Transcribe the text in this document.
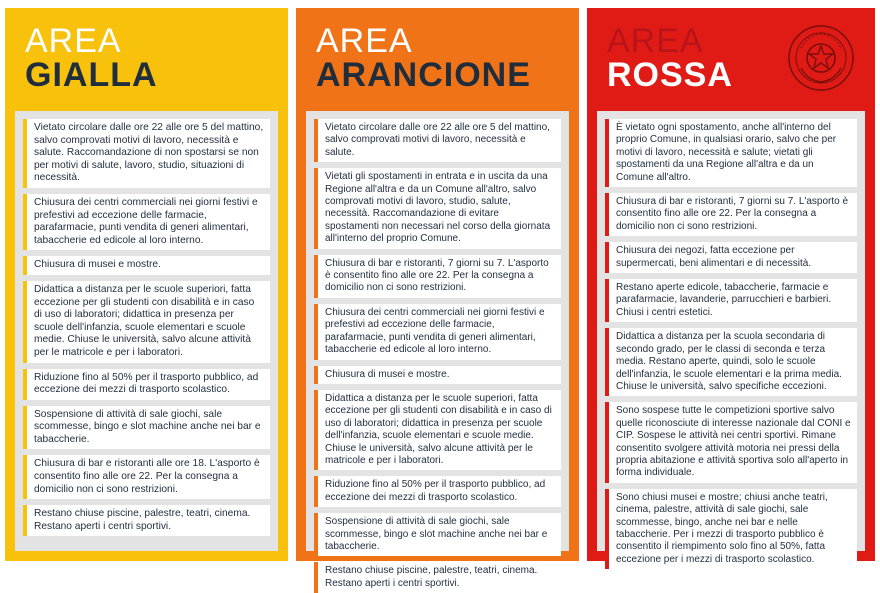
AREA
GIALLA
Vietato circolare dalle ore 22 alle ore 5 del mattino, salvo comprovati motivi di lavoro, necessità e salute. Raccomandazione di non spostarsi se non per motivi di salute, lavoro, studio, situazioni di necessità.
Chiusura dei centri commerciali nei giorni festivi e prefestivi ad eccezione delle farmacie, parafarmacie, punti vendita di generi alimentari, tabaccherie ed edicole al loro interno.
Chiusura di musei e mostre.
Didattica a distanza per le scuole superiori, fatta eccezione per gli studenti con disabilità e in caso di uso di laboratori; didattica in presenza per scuole dell'infanzia, scuole elementari e scuole medie. Chiuse le università, salvo alcune attività per le matricole e per i laboratori.
Riduzione fino al 50% per il trasporto pubblico, ad eccezione dei mezzi di trasporto scolastico.
Sospensione di attività di sale giochi, sale scommesse, bingo e slot machine anche nei bar e tabaccherie.
Chiusura di bar e ristoranti alle ore 18. L'asporto è consentito fino alle ore 22. Per la consegna a domicilio non ci sono restrizioni.
Restano chiuse piscine, palestre, teatri, cinema. Restano aperti i centri sportivi.
AREA
ARANCIONE
Vietato circolare dalle ore 22 alle ore 5 del mattino, salvo comprovati motivi di lavoro, necessità e salute.
Vietati gli spostamenti in entrata e in uscita da una Regione all'altra e da un Comune all'altro, salvo comprovati motivi di lavoro, studio, salute, necessità. Raccomandazione di evitare spostamenti non necessari nel corso della giornata all'interno del proprio Comune.
Chiusura di bar e ristoranti, 7 giorni su 7. L'asporto è consentito fino alle ore 22. Per la consegna a domicilio non ci sono restrizioni.
Chiusura dei centri commerciali nei giorni festivi e prefestivi ad eccezione delle farmacie, parafarmacie, punti vendita di generi alimentari, tabaccherie ed edicole al loro interno.
Chiusura di musei e mostre.
Didattica a distanza per le scuole superiori, fatta eccezione per gli studenti con disabilità e in caso di uso di laboratori; didattica in presenza per scuole dell'infanzia, scuole elementari e scuole medie. Chiuse le università, salvo alcune attività per le matricole e per i laboratori.
Riduzione fino al 50% per il trasporto pubblico, ad eccezione dei mezzi di trasporto scolastico.
Sospensione di attività di sale giochi, sale scommesse, bingo e slot machine anche nei bar e tabaccherie.
Restano chiuse piscine, palestre, teatri, cinema. Restano aperti i centri sportivi.
AREA
ROSSA
È vietato ogni spostamento, anche all'interno del proprio Comune, in qualsiasi orario, salvo che per motivi di lavoro, necessità e salute; vietati gli spostamenti da una Regione all'altra e da un Comune all'altro.
Chiusura di bar e ristoranti, 7 giorni su 7. L'asporto è consentito fino alle ore 22. Per la consegna a domicilio non ci sono restrizioni.
Chiusura dei negozi, fatta eccezione per supermercati, beni alimentari e di necessità.
Restano aperte edicole, tabaccherie, farmacie e parafarmacie, lavanderie, parrucchieri e barbieri. Chiusi i centri estetici.
Didattica a distanza per la scuola secondaria di secondo grado, per le classi di seconda e terza media. Restano aperte, quindi, solo le scuole dell'infanzia, le scuole elementari e la prima media. Chiuse le università, salvo specifiche eccezioni.
Sono sospese tutte le competizioni sportive salvo quelle riconosciute di interesse nazionale dal CONI e CIP. Sospese le attività nei centri sportivi. Rimane consentito svolgere attività motoria nei pressi della propria abitazione e attività sportiva solo all'aperto in forma individuale.
Sono chiusi musei e mostre; chiusi anche teatri, cinema, palestre, attività di sale giochi, sale scommesse, bingo, anche nei bar e nelle tabaccherie. Per i mezzi di trasporto pubblico è consentito il riempimento solo fino al 50%, fatta eccezione per i mezzi di trasporto scolastico.
